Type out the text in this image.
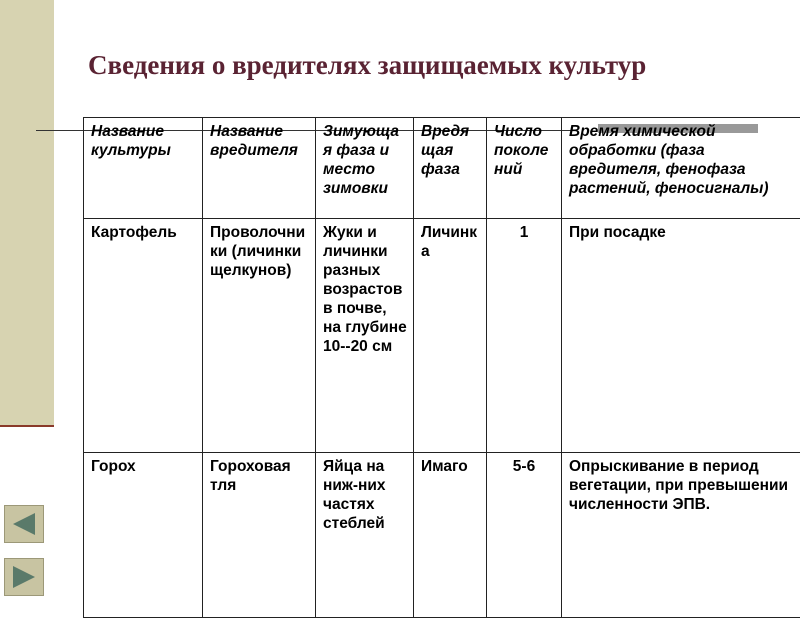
Сведения о вредителях защищаемых культур
Название культуры	Название вредителя	Зимующая фаза и место зимовки	Вредящая фаза	Число поколений	Время химической обработки (фаза вредителя, фенофаза растений, феносигналы)
Картофель	Проволочники (личинки щелкунов)	Жуки и личинки разных возрастов в почве, на глубине 10--20 см	Личинка	1	При посадке
Горох	Гороховая тля	Яйца на ниж-них частях стеблей	Имаго	5-6	Опрыскивание в период вегетации, при превышении численности ЭПВ.
